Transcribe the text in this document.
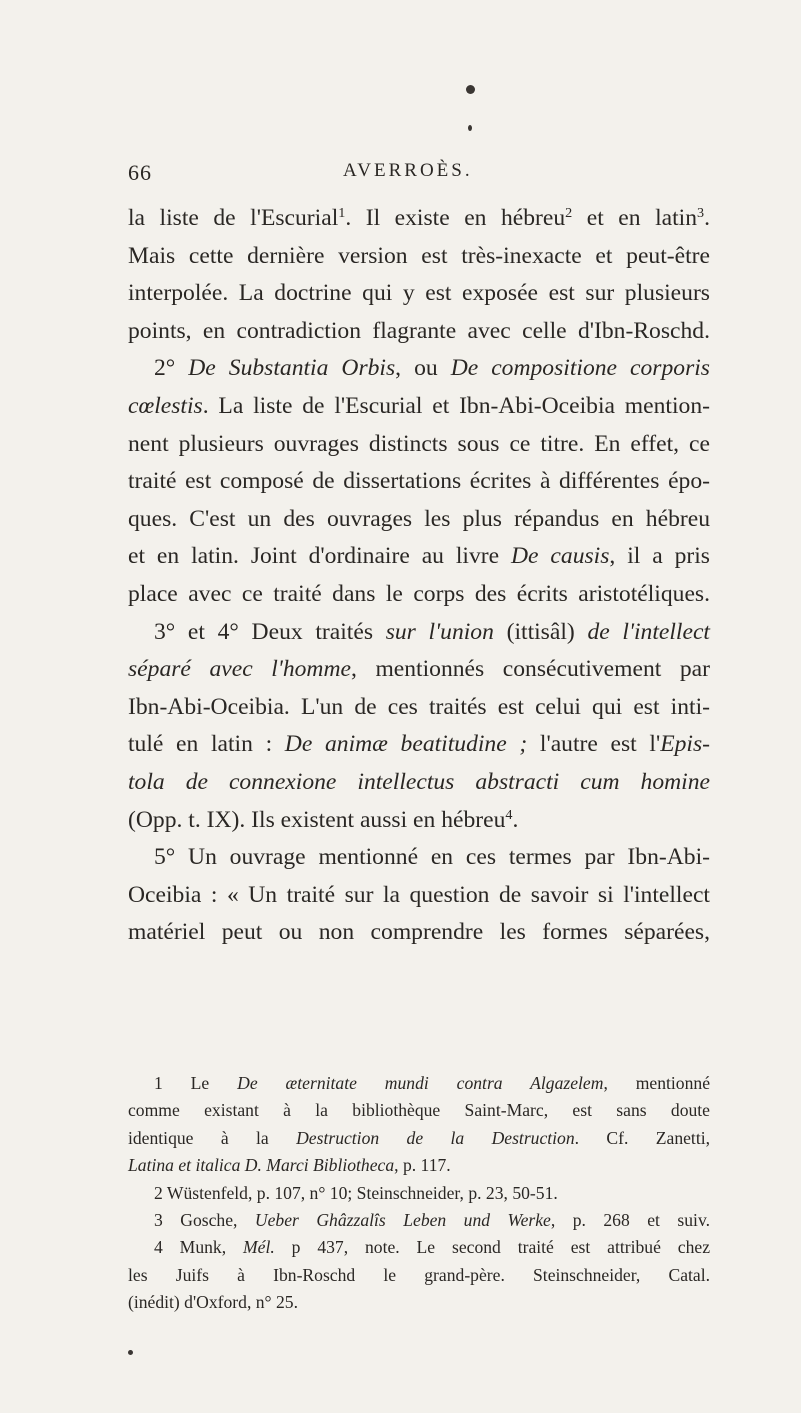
66	AVERROÈS.
la liste de l'Escurial$^1$. Il existe en hébreu$^2$ et en latin$^3$.
Mais cette dernière version est très-inexacte et peut-être
interpolée. La doctrine qui y est exposée est sur plusieurs
points, en contradiction flagrante avec celle d'Ibn-Roschd.
2° De Substantia Orbis, ou De compositione corporis
cœlestis. La liste de l'Escurial et Ibn-Abi-Oceibia mention-
nent plusieurs ouvrages distincts sous ce titre. En effet, ce
traité est composé de dissertations écrites à différentes épo-
ques. C'est un des ouvrages les plus répandus en hébreu
et en latin. Joint d'ordinaire au livre De causis, il a pris
place avec ce traité dans le corps des écrits aristotéliques.
3° et 4° Deux traités sur l'union (ittisâl) de l'intellect
séparé avec l'homme, mentionnés consécutivement par
Ibn-Abi-Oceibia. L'un de ces traités est celui qui est inti-
tulé en latin : De animæ beatitudine ; l'autre est l'Epis-
tola de connexione intellectus abstracti cum homine
(Opp. t. IX). Ils existent aussi en hébreu$^4$.
5° Un ouvrage mentionné en ces termes par Ibn-Abi-
Oceibia : « Un traité sur la question de savoir si l'intellect
matériel peut ou non comprendre les formes séparées,
1 Le De æternitate mundi contra Algazelem, mentionné
comme existant à la bibliothèque Saint-Marc, est sans doute
identique à la Destruction de la Destruction. Cf. Zanetti,
Latina et italica D. Marci Bibliotheca, p. 117.
2 Wüstenfeld, p. 107, n° 10; Steinschneider, p. 23, 50-51.
3 Gosche, Ueber Ghâzzalîs Leben und Werke, p. 268 et suiv.
4 Munk, Mél. p 437, note. Le second traité est attribué chez
les Juifs à Ibn-Roschd le grand-père. Steinschneider, Catal.
(inédit) d'Oxford, n° 25.
